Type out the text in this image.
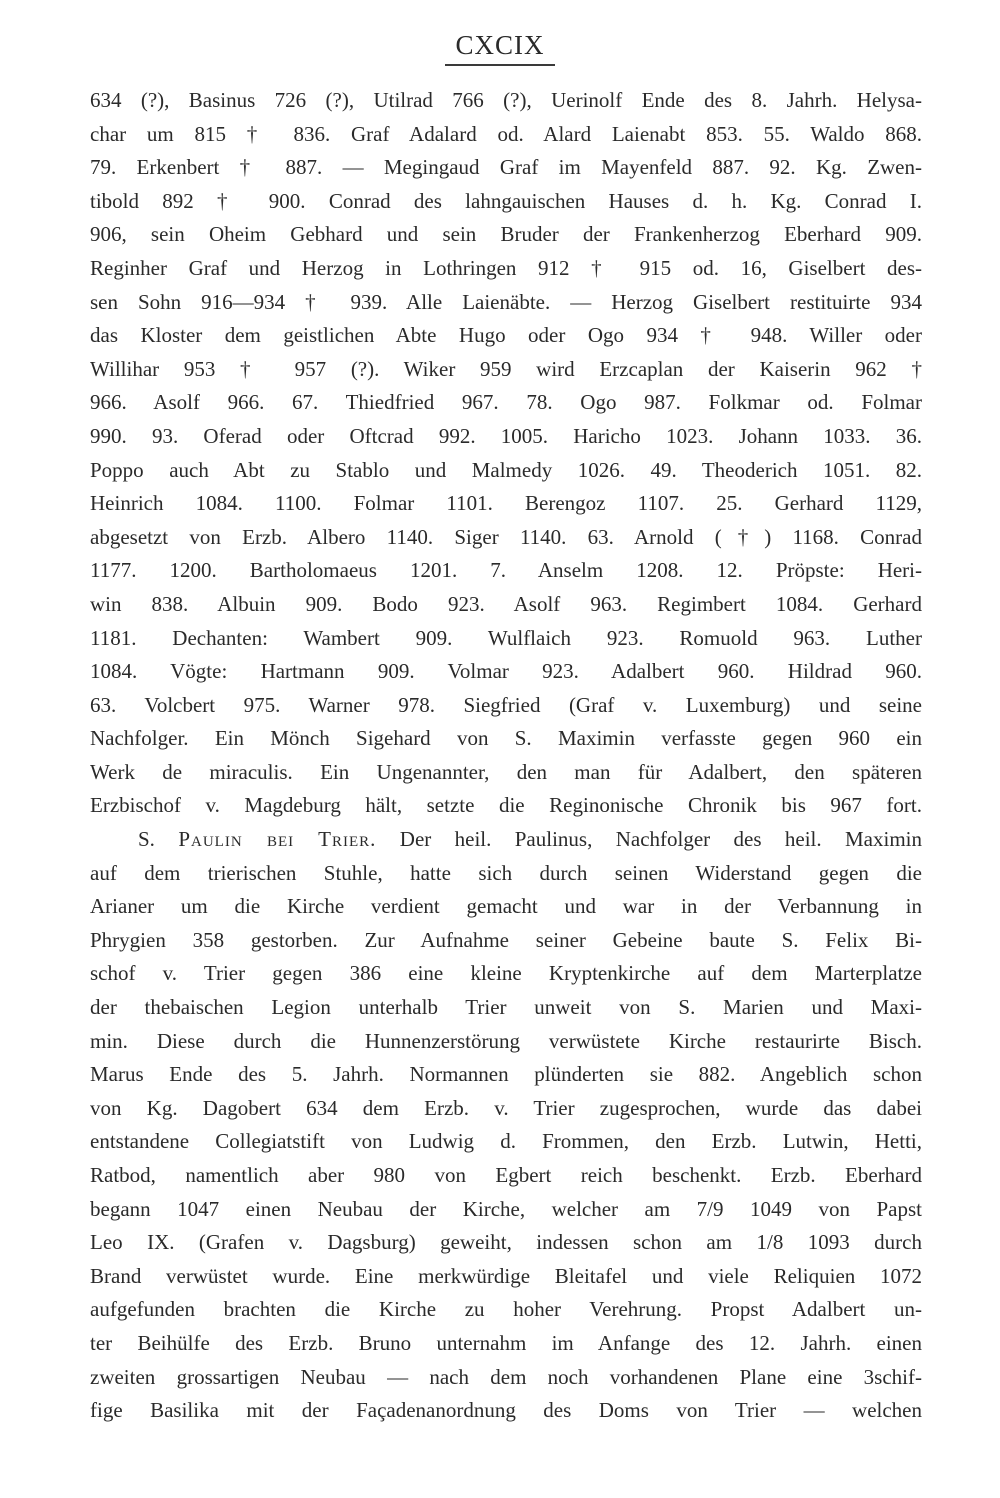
CXCIX
634 (?), Basinus 726 (?), Utilrad 766 (?), Uerinolf Ende des 8. Jahrh. Helysa-
char um 815 † 836. Graf Adalard od. Alard Laienabt 853. 55. Waldo 868.
79. Erkenbert † 887. — Megingaud Graf im Mayenfeld 887. 92. Kg. Zwen-
tibold 892 † 900. Conrad des lahngauischen Hauses d. h. Kg. Conrad I.
906, sein Oheim Gebhard und sein Bruder der Frankenherzog Eberhard 909.
Reginher Graf und Herzog in Lothringen 912 † 915 od. 16, Giselbert des-
sen Sohn 916—934 † 939. Alle Laienäbte. — Herzog Giselbert restituirte 934
das Kloster dem geistlichen Abte Hugo oder Ogo 934 † 948. Willer oder
Willihar 953 † 957 (?). Wiker 959 wird Erzcaplan der Kaiserin 962 †
966. Asolf 966. 67. Thiedfried 967. 78. Ogo 987. Folkmar od. Folmar
990. 93. Oferad oder Oftcrad 992. 1005. Haricho 1023. Johann 1033. 36.
Poppo auch Abt zu Stablo und Malmedy 1026. 49. Theoderich 1051. 82.
Heinrich 1084. 1100. Folmar 1101. Berengoz 1107. 25. Gerhard 1129,
abgesetzt von Erzb. Albero 1140. Siger 1140. 63. Arnold (†) 1168. Conrad
1177. 1200. Bartholomaeus 1201. 7. Anselm 1208. 12. Pröpste: Heri-
win 838. Albuin 909. Bodo 923. Asolf 963. Regimbert 1084. Gerhard
1181. Dechanten: Wambert 909. Wulflaich 923. Romuold 963. Luther
1084. Vögte: Hartmann 909. Volmar 923. Adalbert 960. Hildrad 960.
63. Volcbert 975. Warner 978. Siegfried (Graf v. Luxemburg) und seine
Nachfolger. Ein Mönch Sigehard von S. Maximin verfasste gegen 960 ein
Werk de miraculis. Ein Ungenannter, den man für Adalbert, den späteren
Erzbischof v. Magdeburg hält, setzte die Reginonische Chronik bis 967 fort.
S. Paulin bei Trier. Der heil. Paulinus, Nachfolger des heil. Maximin
auf dem trierischen Stuhle, hatte sich durch seinen Widerstand gegen die
Arianer um die Kirche verdient gemacht und war in der Verbannung in
Phrygien 358 gestorben. Zur Aufnahme seiner Gebeine baute S. Felix Bi-
schof v. Trier gegen 386 eine kleine Kryptenkirche auf dem Marterplatze
der thebaischen Legion unterhalb Trier unweit von S. Marien und Maxi-
min. Diese durch die Hunnenzerstörung verwüstete Kirche restaurirte Bisch.
Marus Ende des 5. Jahrh. Normannen plünderten sie 882. Angeblich schon
von Kg. Dagobert 634 dem Erzb. v. Trier zugesprochen, wurde das dabei
entstandene Collegiatstift von Ludwig d. Frommen, den Erzb. Lutwin, Hetti,
Ratbod, namentlich aber 980 von Egbert reich beschenkt. Erzb. Eberhard
begann 1047 einen Neubau der Kirche, welcher am 7/9 1049 von Papst
Leo IX. (Grafen v. Dagsburg) geweiht, indessen schon am 1/8 1093 durch
Brand verwüstet wurde. Eine merkwürdige Bleitafel und viele Reliquien 1072
aufgefunden brachten die Kirche zu hoher Verehrung. Propst Adalbert un-
ter Beihülfe des Erzb. Bruno unternahm im Anfange des 12. Jahrh. einen
zweiten grossartigen Neubau — nach dem noch vorhandenen Plane eine 3schif-
fige Basilika mit der Façadenanordnung des Doms von Trier — welchen
